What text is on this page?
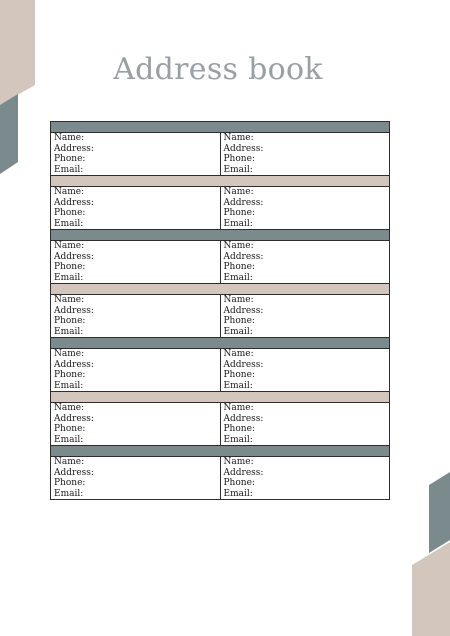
Address book
Name:
Address:
Phone:
Email:
Name:
Address:
Phone:
Email:
Name:
Address:
Phone:
Email:
Name:
Address:
Phone:
Email:
Name:
Address:
Phone:
Email:
Name:
Address:
Phone:
Email:
Name:
Address:
Phone:
Email:
Name:
Address:
Phone:
Email:
Name:
Address:
Phone:
Email:
Name:
Address:
Phone:
Email:
Name:
Address:
Phone:
Email:
Name:
Address:
Phone:
Email:
Name:
Address:
Phone:
Email:
Name:
Address:
Phone:
Email:
